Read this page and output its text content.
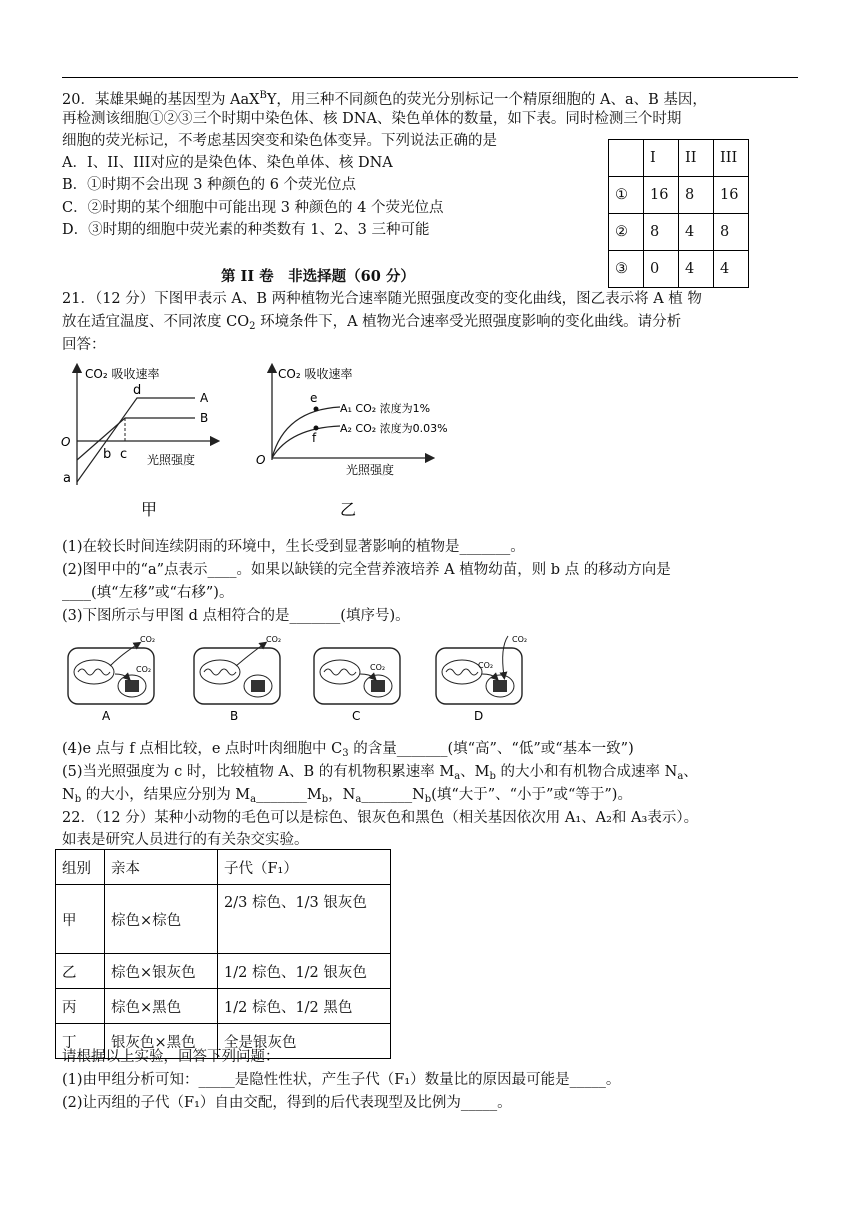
20．某雄果蝇的基因型为 AaX$^B$Y，用三种不同颜色的荧光分别标记一个精原细胞的 A、a、B 基因，
再检测该细胞①②③三个时期中染色体、核 DNA、染色单体的数量，如下表。同时检测三个时期
细胞的荧光标记，不考虑基因突变和染色体变异。下列说法正确的是
A．I、II、III对应的是染色体、染色单体、核 DNA
B．①时期不会出现 3 种颜色的 6 个荧光位点
C．②时期的某个细胞中可能出现 3 种颜色的 4 个荧光位点
D．③时期的细胞中荧光素的种类数有 1、2、3 三种可能
	I	II	III
①	16	8	16
②	8	4	8
③	0	4	4
第 II 卷　非选择题（60 分）
21．（12 分）下图甲表示 A、B 两种植物光合速率随光照强度改变的变化曲线，图乙表示将 A 植 物
放在适宜温度、不同浓度 $CO_2$ 环境条件下，A 植物光合速率受光照强度影响的变化曲线。请分析
回答：
CO₂ 吸收速率
光照强度
O
A
B
d
a
b c
甲
CO₂ 吸收速率
光照强度
O
e
f
A₁ CO₂ 浓度为1%
A₂ CO₂ 浓度为0.03%
乙
(1)在较长时间连续阴雨的环境中，生长受到显著影响的植物是_______。
(2)图甲中的“a”点表示____。如果以缺镁的完全营养液培养 A 植物幼苗，则 b 点 的移动方向是
____(填“左移”或“右移”)。
(3)下图所示与甲图 d 点相符合的是_______(填序号)。
CO₂
CO₂
A
CO₂
B
CO₂
C
CO₂
CO₂
D
(4)e 点与 f 点相比较，e 点时叶肉细胞中 $C_3$ 的含量_______(填“高”、“低”或“基本一致”)
(5)当光照强度为 c 时，比较植物 A、B 的有机物积累速率 $M_a$、$M_b$ 的大小和有机物合成速率 $N_a$、
$N_b$ 的大小，结果应分别为 $M_a\_\_\_\_\_\_\_M_b$，$N_a\_\_\_\_\_\_\_N_b$(填“大于”、“小于”或“等于”)。
22．（12 分）某种小动物的毛色可以是棕色、银灰色和黑色（相关基因依次用 A₁、A₂和 A₃表示）。
如表是研究人员进行的有关杂交实验。
组别	亲本	子代（F₁）
甲	棕色×棕色	2/3 棕色、1/3 银灰色
乙	棕色×银灰色	1/2 棕色、1/2 银灰色
丙	棕色×黑色	1/2 棕色、1/2 黑色
丁	银灰色×黑色	全是银灰色
请根据以上实验，回答下列问题：
(1)由甲组分析可知：_____是隐性性状，产生子代（F₁）数量比的原因最可能是_____。
(2)让丙组的子代（F₁）自由交配，得到的后代表现型及比例为_____。
